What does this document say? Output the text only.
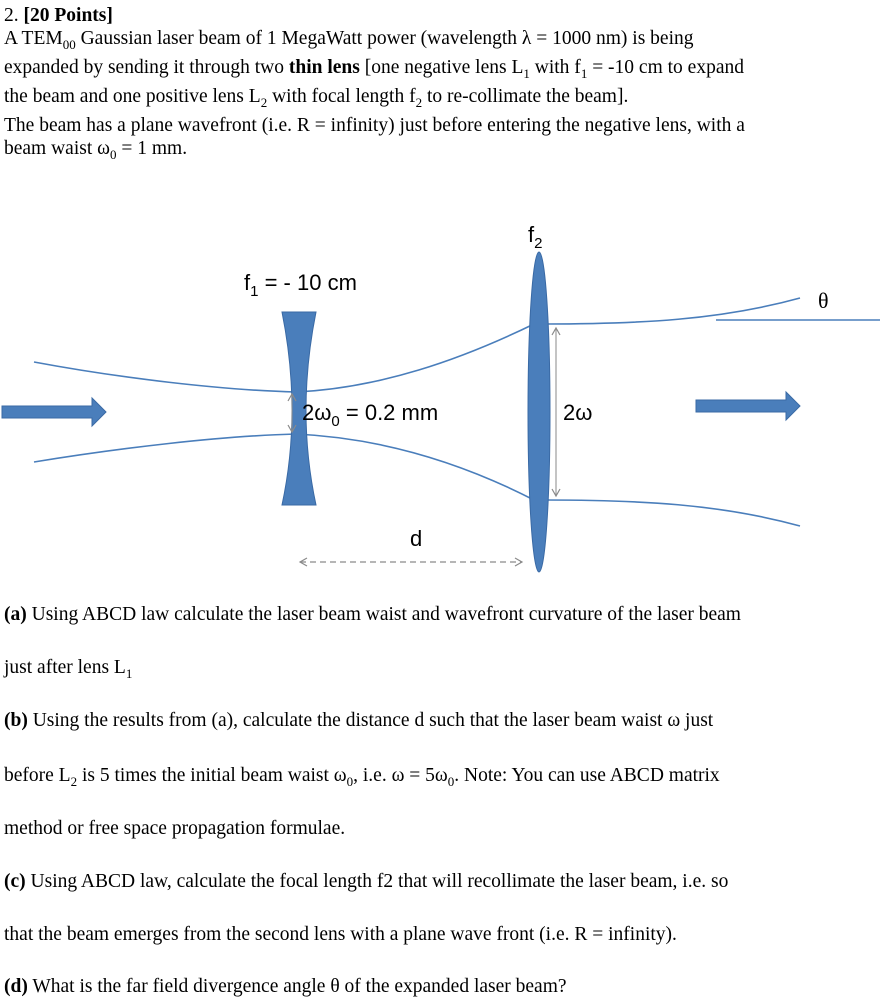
2. [20 Points]
A $TEM_{00}$ Gaussian laser beam of 1 MegaWatt power (wavelength λ = 1000 nm) is being
expanded by sending it through two thin lens [one negative lens $L_1$ with $f_1 = -10$ cm to expand
the beam and one positive lens $L_2$ with focal length $f_2$ to re-collimate the beam].
The beam has a plane wavefront (i.e. R = infinity) just before entering the negative lens, with a
beam waist $\omega_0 = 1$ mm.
$f_1$ = - 10 cm
$f_2$
$2\omega_0 = 0.2$ mm	2ω
d
θ
(a) Using ABCD law calculate the laser beam waist and wavefront curvature of the laser beam
just after lens $L_1$
(b) Using the results from (a), calculate the distance d such that the laser beam waist ω just
before $L_2$ is 5 times the initial beam waist $\omega_0$, i.e. $\omega = 5\omega_0$. Note: You can use ABCD matrix
method or free space propagation formulae.
(c) Using ABCD law, calculate the focal length f2 that will recollimate the laser beam, i.e. so
that the beam emerges from the second lens with a plane wave front (i.e. R = infinity).
(d) What is the far field divergence angle θ of the expanded laser beam?
